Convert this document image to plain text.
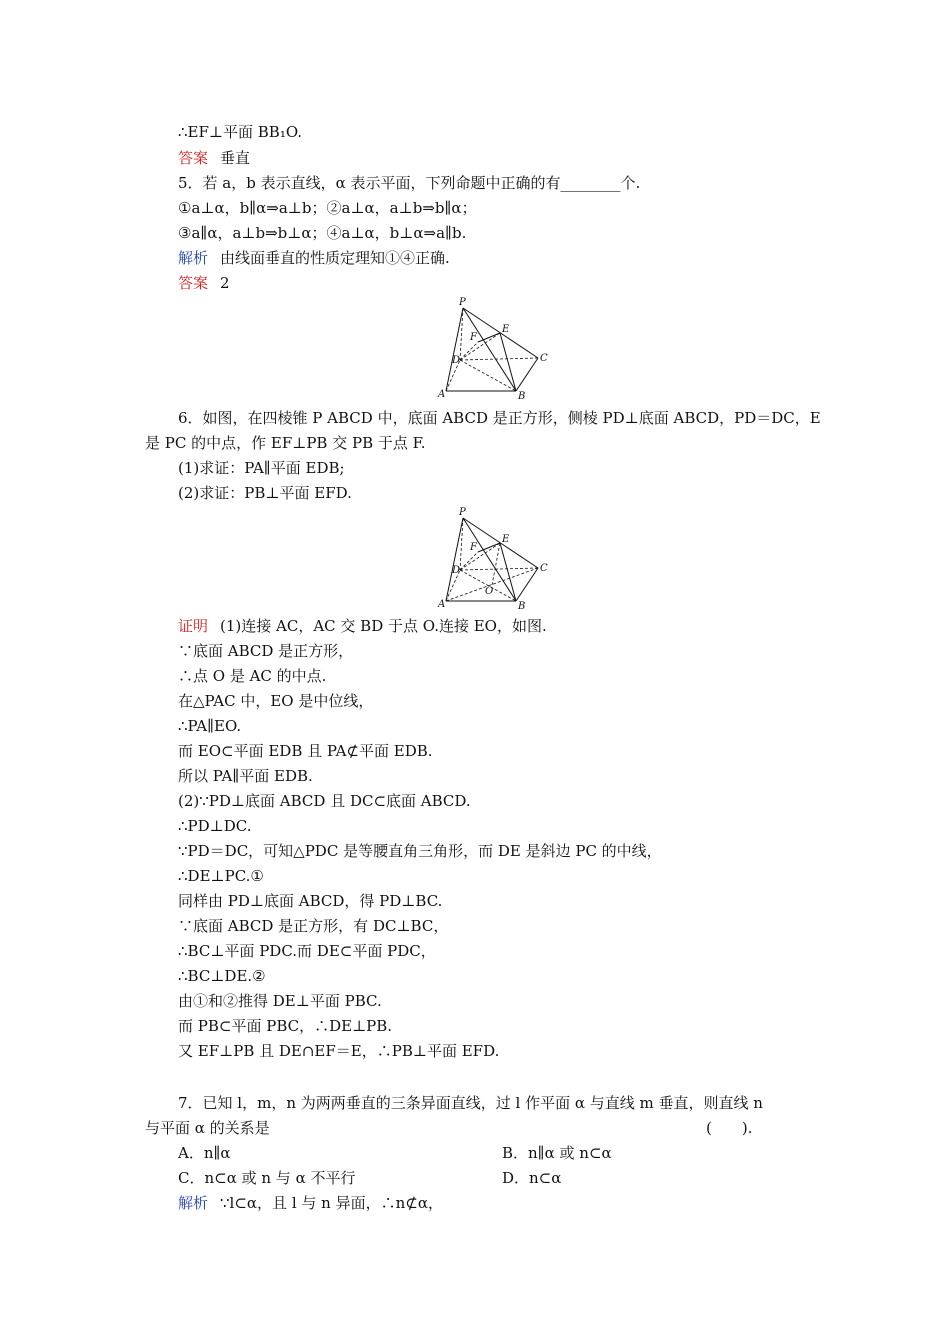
∴EF⊥平面 BB₁O.
答案 垂直
5．若 a，b 表示直线，α 表示平面，下列命题中正确的有________个.
①a⊥α，b∥α⇒a⊥b；②a⊥α，a⊥b⇒b∥α；
③a∥α，a⊥b⇒b⊥α；④a⊥α，b⊥α⇒a∥b.
解析 由线面垂直的性质定理知①④正确.
答案 2
P
E
F
D	C
A	B
6．如图，在四棱锥 P ABCD 中，底面 ABCD 是正方形，侧棱 PD⊥底面 ABCD，PD＝DC，E
是 PC 的中点，作 EF⊥PB 交 PB 于点 F.
(1)求证：PA∥平面 EDB;
(2)求证：PB⊥平面 EFD.
P
E
F
D	C
O
A	B
证明 (1)连接 AC，AC 交 BD 于点 O.连接 EO，如图.
∵底面 ABCD 是正方形，
∴点 O 是 AC 的中点.
在△PAC 中，EO 是中位线，
∴PA∥EO.
而 EO⊂平面 EDB 且 PA⊄平面 EDB.
所以 PA∥平面 EDB.
(2)∵PD⊥底面 ABCD 且 DC⊂底面 ABCD.
∴PD⊥DC.
∵PD＝DC，可知△PDC 是等腰直角三角形，而 DE 是斜边 PC 的中线，
∴DE⊥PC.①
同样由 PD⊥底面 ABCD，得 PD⊥BC.
∵底面 ABCD 是正方形，有 DC⊥BC，
∴BC⊥平面 PDC.而 DE⊂平面 PDC，
∴BC⊥DE.②
由①和②推得 DE⊥平面 PBC.
而 PB⊂平面 PBC，∴DE⊥PB.
又 EF⊥PB 且 DE∩EF＝E，∴PB⊥平面 EFD.
7．已知 l，m，n 为两两垂直的三条异面直线，过 l 作平面 α 与直线 m 垂直，则直线 n
与平面 α 的关系是	(　　).
A．n∥α	B．n∥α 或 n⊂α
C．n⊂α 或 n 与 α 不平行	D．n⊂α
解析 ∵l⊂α，且 l 与 n 异面，∴n⊄α，
